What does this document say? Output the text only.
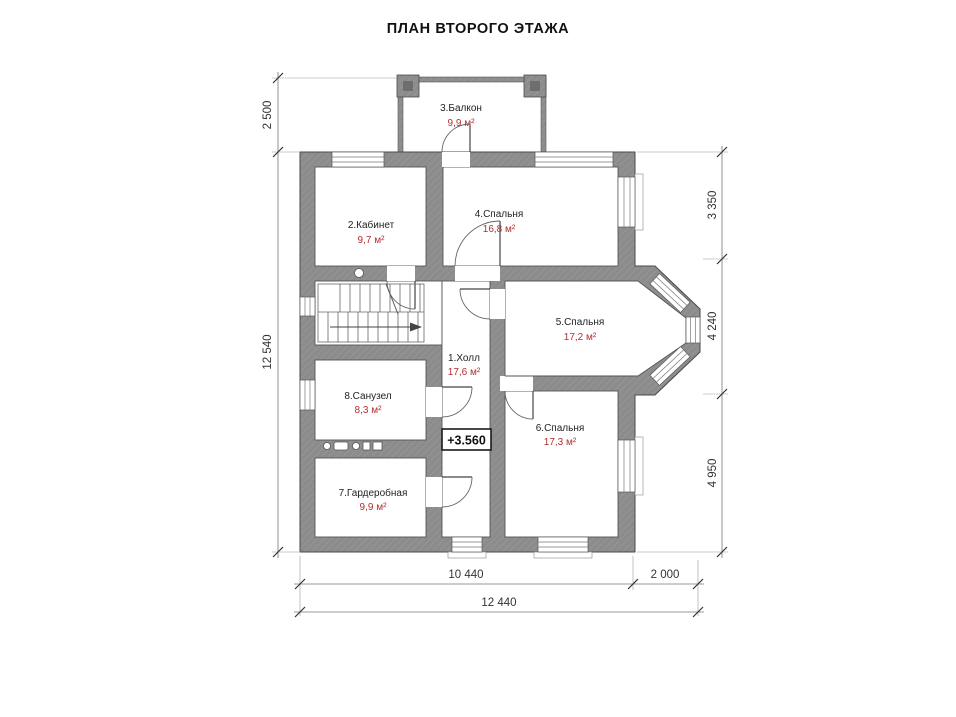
ПЛАН ВТОРОГО ЭТАЖА
+3.560
3.Балкон
9,9 м²
2.Кабинет
9,7 м²
4.Спальня
16,8 м²
5.Спальня
17,2 м²
1.Холл
17,6 м²
8.Санузел
8,3 м²
6.Спальня
17,3 м²
7.Гардеробная
9,9 м²
2 500
12 540
3 350
4 240
4 950
10 440	2 000
12 440
